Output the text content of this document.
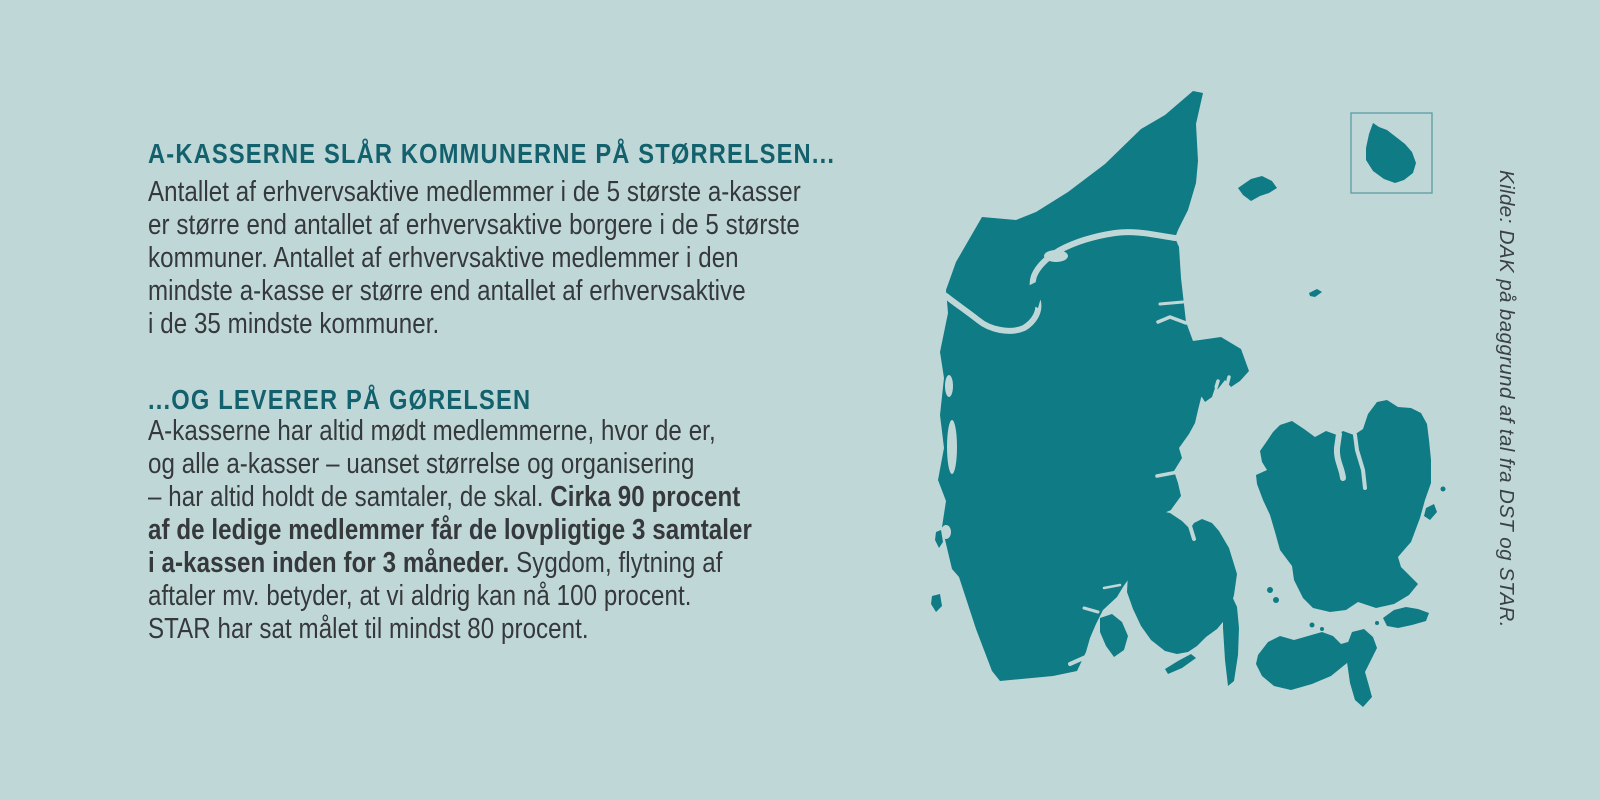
A-KASSERNE SLÅR KOMMUNERNE PÅ STØRRELSEN...
Antallet af erhvervsaktive medlemmer i de 5 største a-kasser
er større end antallet af erhvervsaktive borgere i de 5 største
kommuner. Antallet af erhvervsaktive medlemmer i den
mindste a-kasse er større end antallet af erhvervsaktive
i de 35 mindste kommuner.
...OG LEVERER PÅ GØRELSEN
A-kasserne har altid mødt medlemmerne, hvor de er,
og alle a-kasser – uanset størrelse og organisering
– har altid holdt de samtaler, de skal. Cirka 90 procent
af de ledige medlemmer får de lovpligtige 3 samtaler
i a-kassen inden for 3 måneder. Sygdom, flytning af
aftaler mv. betyder, at vi aldrig kan nå 100 procent.
STAR har sat målet til mindst 80 procent.
Kilde: DAK på baggrund af tal fra DST og STAR.
